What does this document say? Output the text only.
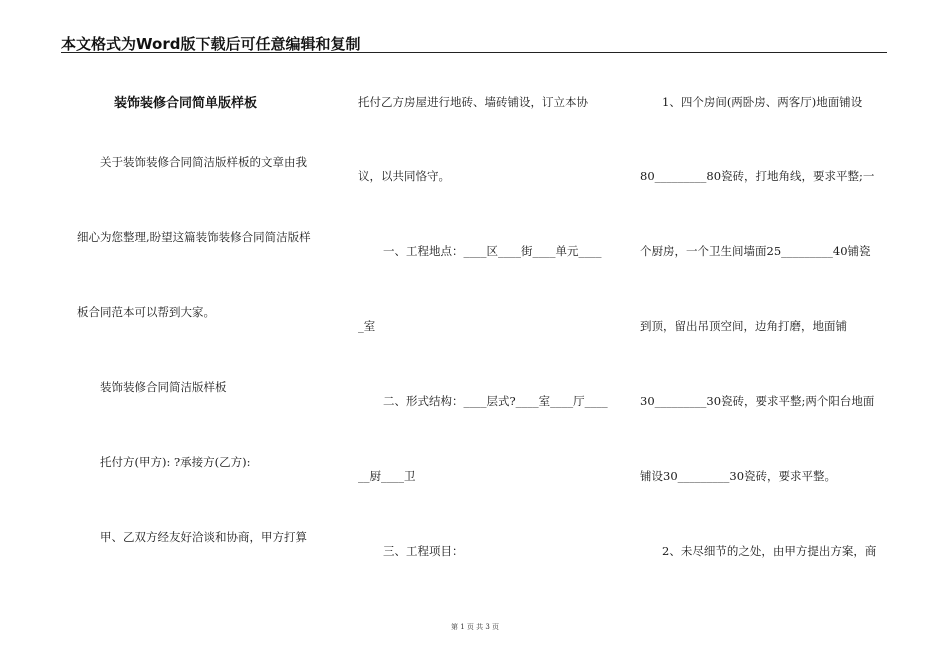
本文格式为Word版下载后可任意编辑和复制
装饰装修合同简单版样板
关于装饰装修合同简洁版样板的文章由我
细心为您整理,盼望这篇装饰装修合同简洁版样
板合同范本可以帮到大家。
装饰装修合同简洁版样板
托付方(甲方): ?承接方(乙方):
甲、乙双方经友好洽谈和协商，甲方打算
托付乙方房屋进行地砖、墙砖铺设，订立本协
议，以共同恪守。
一、工程地点：____区____街____单元____
_室
二、形式结构：____层式?____室____厅____
__厨____卫
三、工程项目：
1、四个房间(两卧房、两客厅)地面铺设
80_________80瓷砖，打地角线，要求平整;一
个厨房，一个卫生间墙面25_________40铺瓷
到顶，留出吊顶空间，边角打磨，地面铺
30_________30瓷砖，要求平整;两个阳台地面
铺设30_________30瓷砖，要求平整。
2、未尽细节的之处，由甲方提出方案，商
第 1 页 共 3 页
